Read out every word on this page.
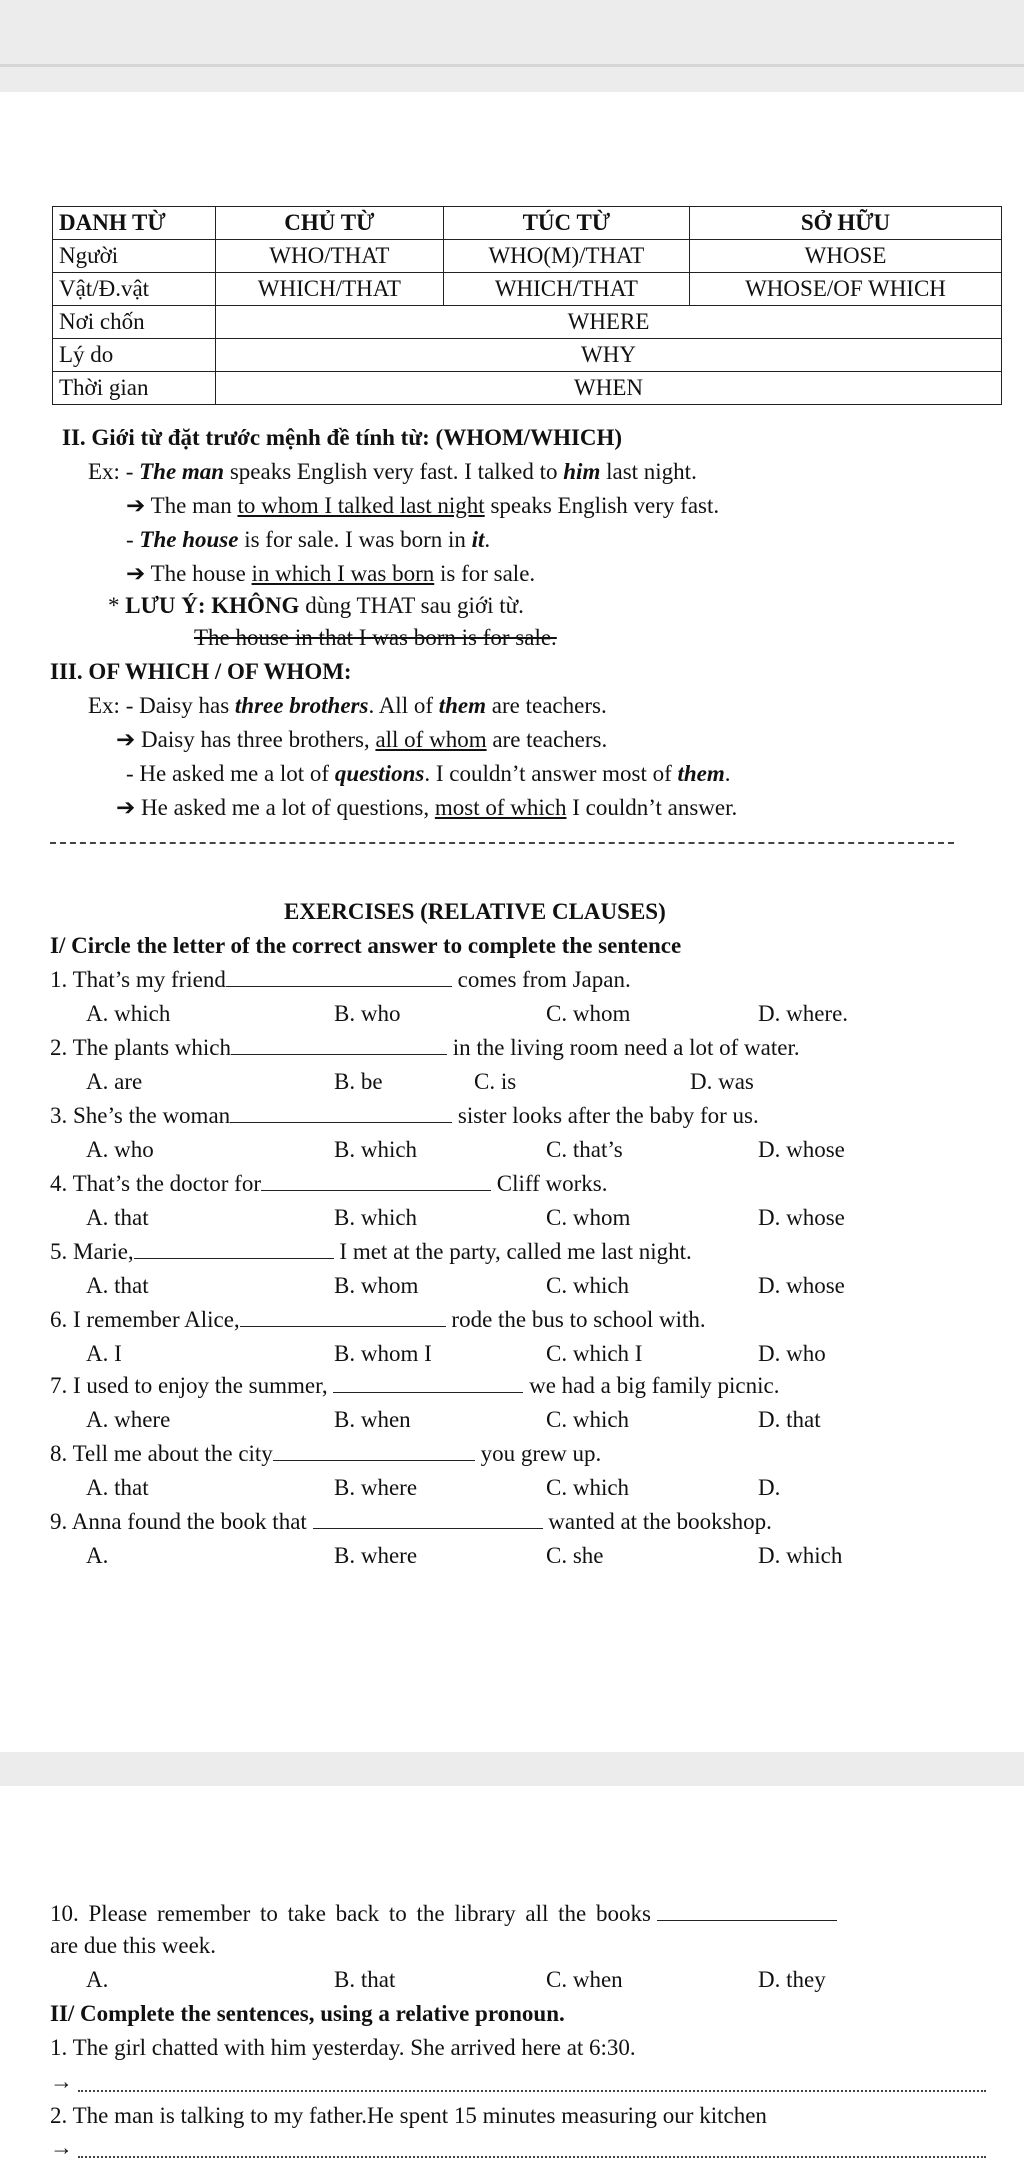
DANH TỪ	CHỦ TỪ	TÚC TỪ	SỞ HỮU
Người	WHO/THAT	WHO(M)/THAT	WHOSE
Vật/Đ.vật	WHICH/THAT	WHICH/THAT	WHOSE/OF WHICH
Nơi chốn	WHERE		
Lý do	WHY		
Thời gian	WHEN		
II. Giới từ đặt trước mệnh đề tính từ: (WHOM/WHICH)
Ex: - The man speaks English very fast. I talked to him last night.
➔ The man to whom I talked last night speaks English very fast.
- The house is for sale. I was born in it.
➔ The house in which I was born is for sale.
* LƯU Ý: KHÔNG dùng THAT sau giới từ.
The house in that I was born is for sale.
III. OF WHICH / OF WHOM:
Ex: - Daisy has three brothers. All of them are teachers.
➔ Daisy has three brothers, all of whom are teachers.
- He asked me a lot of questions. I couldn’t answer most of them.
➔ He asked me a lot of questions, most of which I couldn’t answer.
EXERCISES (RELATIVE CLAUSES)
I/ Circle the letter of the correct answer to complete the sentence
1. That’s my friend	comes from Japan.
A. which	B. who	C. whom	D. where.
2. The plants which	in the living room need a lot of water.
A. are	B. be	C. is	D. was
3. She’s the woman	sister looks after the baby for us.
A. who	B. which	C. that’s	D. whose
4. That’s the doctor for	Cliff works.
A. that	B. which	C. whom	D. whose
5. Marie,	I met at the party, called me last night.
A. that	B. whom	C. which	D. whose
6. I remember Alice,	rode the bus to school with.
A. I	B. whom I	C. which I	D. who
7. I used to enjoy the summer,	we had a big family picnic.
A. where	B. when	C. which	D. that
8. Tell me about the city	you grew up.
A. that	B. where	C. which	D.
9. Anna found the book that	wanted at the bookshop.
A.	B. where	C. she	D. which
10. Please remember to take back to the library all the books
are due this week.
A.	B. that	C. when	D. they
II/ Complete the sentences, using a relative pronoun.
1. The girl chatted with him yesterday. She arrived here at 6:30.
→
2. The man is talking to my father.He spent 15 minutes measuring our kitchen
→
